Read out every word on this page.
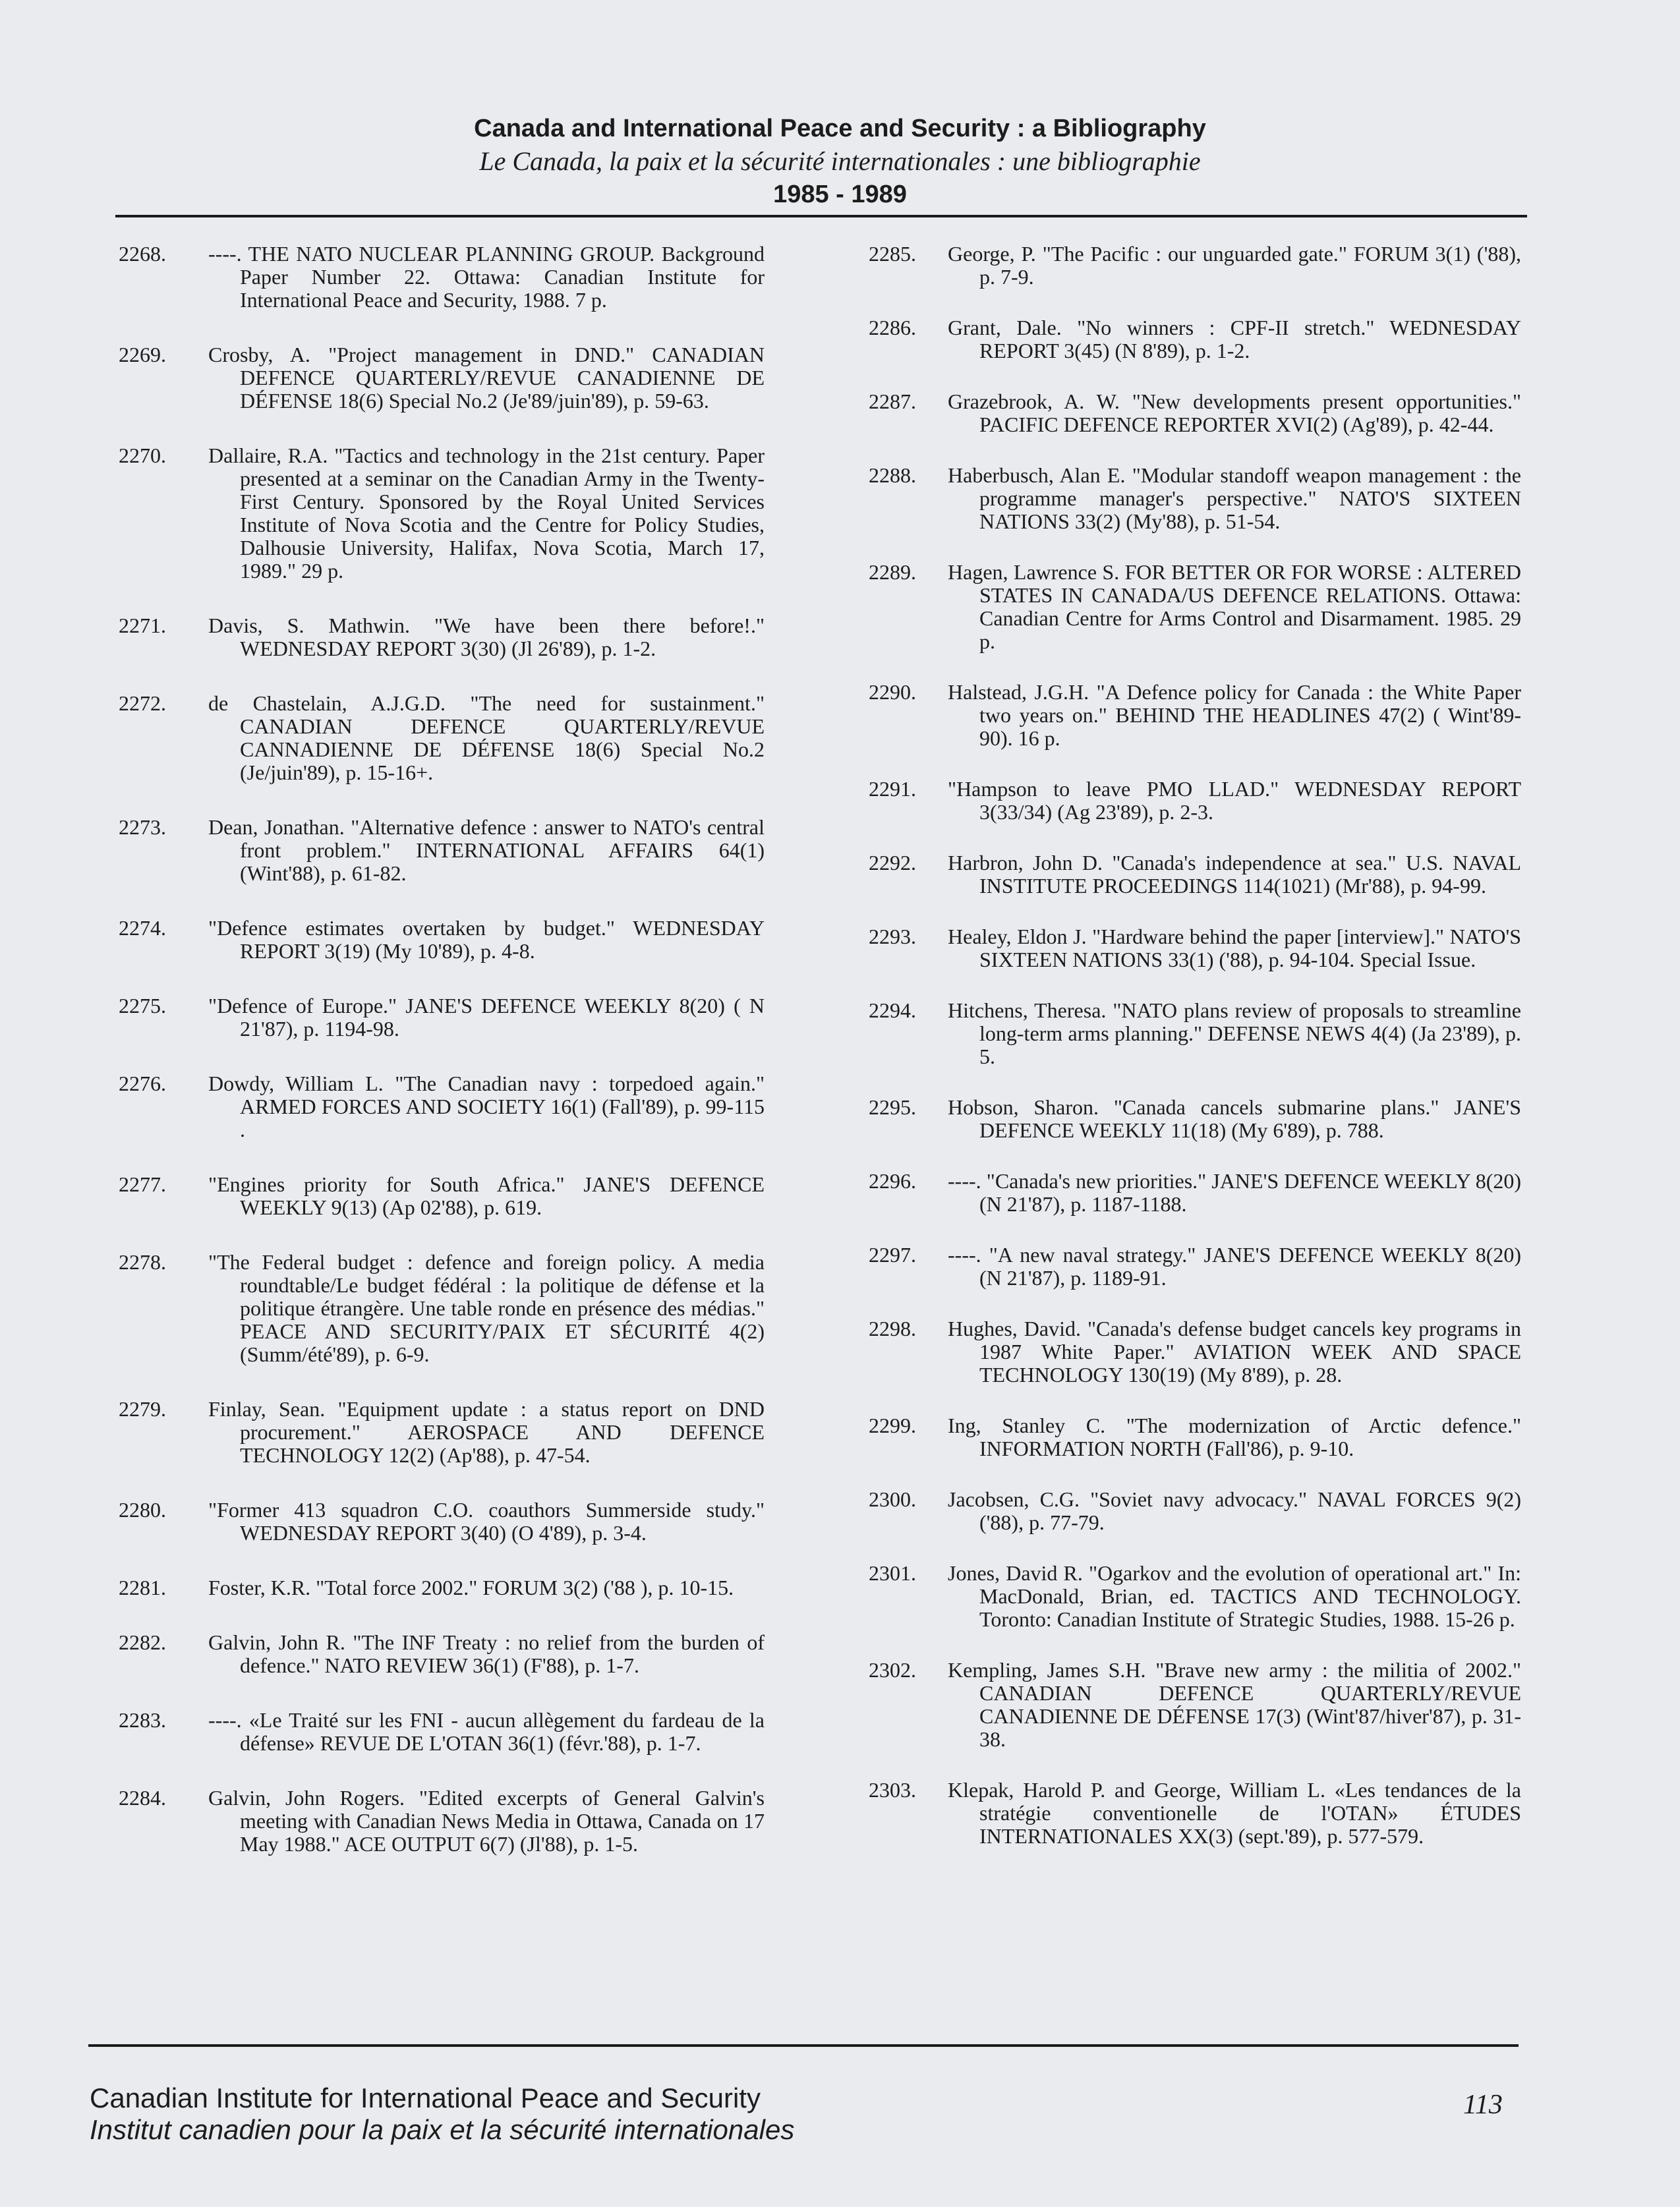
Canada and International Peace and Security : a Bibliography
Le Canada, la paix et la sécurité internationales : une bibliographie
1985 - 1989
2268. ----. THE NATO NUCLEAR PLANNING GROUP. Background Paper Number 22. Ottawa: Canadian Institute for International Peace and Security, 1988. 7 p.
2269. Crosby, A. "Project management in DND." CANADIAN DEFENCE QUARTERLY/REVUE CANADIENNE DE DÉFENSE 18(6) Special No.2 (Je'89/juin'89), p. 59-63.
2270. Dallaire, R.A. "Tactics and technology in the 21st century. Paper presented at a seminar on the Canadian Army in the Twenty-First Century. Sponsored by the Royal United Services Institute of Nova Scotia and the Centre for Policy Studies, Dalhousie University, Halifax, Nova Scotia, March 17, 1989." 29 p.
2271. Davis, S. Mathwin. "We have been there before!." WEDNESDAY REPORT 3(30) (Jl 26'89), p. 1-2.
2272. de Chastelain, A.J.G.D. "The need for sustainment." CANADIAN DEFENCE QUARTERLY/REVUE CANNADIENNE DE DÉFENSE 18(6) Special No.2 (Je/juin'89), p. 15-16+.
2273. Dean, Jonathan. "Alternative defence : answer to NATO's central front problem." INTERNATIONAL AFFAIRS 64(1) (Wint'88), p. 61-82.
2274. "Defence estimates overtaken by budget." WEDNESDAY REPORT 3(19) (My 10'89), p. 4-8.
2275. "Defence of Europe." JANE'S DEFENCE WEEKLY 8(20) ( N 21'87), p. 1194-98.
2276. Dowdy, William L. "The Canadian navy : torpedoed again." ARMED FORCES AND SOCIETY 16(1) (Fall'89), p. 99-115 .
2277. "Engines priority for South Africa." JANE'S DEFENCE WEEKLY 9(13) (Ap 02'88), p. 619.
2278. "The Federal budget : defence and foreign policy. A media roundtable/Le budget fédéral : la politique de défense et la politique étrangère. Une table ronde en présence des médias." PEACE AND SECURITY/PAIX ET SÉCURITÉ 4(2) (Summ/été'89), p. 6-9.
2279. Finlay, Sean. "Equipment update : a status report on DND procurement." AEROSPACE AND DEFENCE TECHNOLOGY 12(2) (Ap'88), p. 47-54.
2280. "Former 413 squadron C.O. coauthors Summerside study." WEDNESDAY REPORT 3(40) (O 4'89), p. 3-4.
2281. Foster, K.R. "Total force 2002." FORUM 3(2) ('88 ), p. 10-15.
2282. Galvin, John R. "The INF Treaty : no relief from the burden of defence." NATO REVIEW 36(1) (F'88), p. 1-7.
2283. ----. «Le Traité sur les FNI - aucun allègement du fardeau de la défense» REVUE DE L'OTAN 36(1) (févr.'88), p. 1-7.
2284. Galvin, John Rogers. "Edited excerpts of General Galvin's meeting with Canadian News Media in Ottawa, Canada on 17 May 1988." ACE OUTPUT 6(7) (Jl'88), p. 1-5.
2285. George, P. "The Pacific : our unguarded gate." FORUM 3(1) ('88), p. 7-9.
2286. Grant, Dale. "No winners : CPF-II stretch." WEDNESDAY REPORT 3(45) (N 8'89), p. 1-2.
2287. Grazebrook, A. W. "New developments present opportunities." PACIFIC DEFENCE REPORTER XVI(2) (Ag'89), p. 42-44.
2288. Haberbusch, Alan E. "Modular standoff weapon management : the programme manager's perspective." NATO'S SIXTEEN NATIONS 33(2) (My'88), p. 51-54.
2289. Hagen, Lawrence S. FOR BETTER OR FOR WORSE : ALTERED STATES IN CANADA/US DEFENCE RELATIONS. Ottawa: Canadian Centre for Arms Control and Disarmament. 1985. 29 p.
2290. Halstead, J.G.H. "A Defence policy for Canada : the White Paper two years on." BEHIND THE HEADLINES 47(2) ( Wint'89-90). 16 p.
2291. "Hampson to leave PMO LLAD." WEDNESDAY REPORT 3(33/34) (Ag 23'89), p. 2-3.
2292. Harbron, John D. "Canada's independence at sea." U.S. NAVAL INSTITUTE PROCEEDINGS 114(1021) (Mr'88), p. 94-99.
2293. Healey, Eldon J. "Hardware behind the paper [interview]." NATO'S SIXTEEN NATIONS 33(1) ('88), p. 94-104. Special Issue.
2294. Hitchens, Theresa. "NATO plans review of proposals to streamline long-term arms planning." DEFENSE NEWS 4(4) (Ja 23'89), p. 5.
2295. Hobson, Sharon. "Canada cancels submarine plans." JANE'S DEFENCE WEEKLY 11(18) (My 6'89), p. 788.
2296. ----. "Canada's new priorities." JANE'S DEFENCE WEEKLY 8(20) (N 21'87), p. 1187-1188.
2297. ----. "A new naval strategy." JANE'S DEFENCE WEEKLY 8(20) (N 21'87), p. 1189-91.
2298. Hughes, David. "Canada's defense budget cancels key programs in 1987 White Paper." AVIATION WEEK AND SPACE TECHNOLOGY 130(19) (My 8'89), p. 28.
2299. Ing, Stanley C. "The modernization of Arctic defence." INFORMATION NORTH (Fall'86), p. 9-10.
2300. Jacobsen, C.G. "Soviet navy advocacy." NAVAL FORCES 9(2) ('88), p. 77-79.
2301. Jones, David R. "Ogarkov and the evolution of operational art." In: MacDonald, Brian, ed. TACTICS AND TECHNOLOGY. Toronto: Canadian Institute of Strategic Studies, 1988. 15-26 p.
2302. Kempling, James S.H. "Brave new army : the militia of 2002." CANADIAN DEFENCE QUARTERLY/REVUE CANADIENNE DE DÉFENSE 17(3) (Wint'87/hiver'87), p. 31-38.
2303. Klepak, Harold P. and George, William L. «Les tendances de la stratégie conventionelle de l'OTAN» ÉTUDES INTERNATIONALES XX(3) (sept.'89), p. 577-579.
Canadian Institute for International Peace and Security
Institut canadien pour la paix et la sécurité internationales
113
